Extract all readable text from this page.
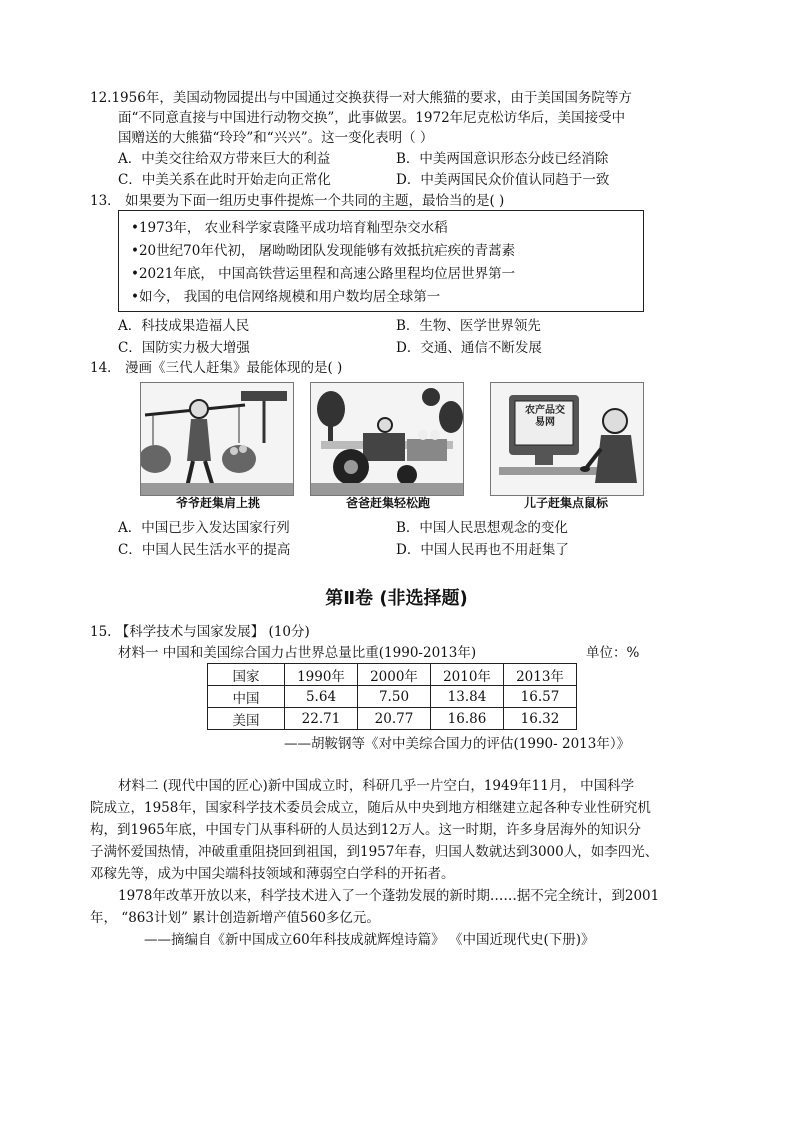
12.1956年，美国动物园提出与中国通过交换获得一对大熊猫的要求，由于美国国务院等方
面“不同意直接与中国进行动物交换”，此事做罢。1972年尼克松访华后，美国接受中
国赠送的大熊猫“玲玲”和“兴兴”。这一变化表明（ ）
A．中美交往给双方带来巨大的利益	B．中美两国意识形态分歧已经消除
C．中美关系在此时开始走向正常化	D．中美两国民众价值认同趋于一致
13． 如果要为下面一组历史事件提炼一个共同的主题，最恰当的是( )
•1973年， 农业科学家袁隆平成功培育籼型杂交水稻
•20世纪70年代初， 屠呦呦团队发现能够有效抵抗疟疾的青蒿素
•2021年底， 中国高铁营运里程和高速公路里程均位居世界第一
•如今， 我国的电信网络规模和用户数均居全球第一
A．科技成果造福人民	B．生物、医学世界领先
C．国防实力极大增强	D．交通、通信不断发展
14． 漫画《三代人赶集》最能体现的是( )
农产品交易网
爷爷赶集肩上挑	爸爸赶集轻松跑	儿子赶集点鼠标
A．中国已步入发达国家行列	B．中国人民思想观念的变化
C．中国人民生活水平的提高	D．中国人民再也不用赶集了
第Ⅱ卷 (非选择题)
15. 【科学技术与国家发展】 (10分)
材料一 中国和美国综合国力占世界总量比重(1990-2013年)	单位：%
国家	1990年	2000年	2010年	2013年
中国	5.64	7.50	13.84	16.57
美国	22.71	20.77	16.86	16.32
——胡鞍钢等《对中美综合国力的评估(1990- 2013年）》
材料二 (现代中国的匠心)新中国成立时，科研几乎一片空白，1949年11月， 中国科学
院成立，1958年，国家科学技术委员会成立，随后从中央到地方相继建立起各种专业性研究机
构，到1965年底，中国专门从事科研的人员达到12万人。这一时期，许多身居海外的知识分
子满怀爱国热情，冲破重重阻挠回到祖国，到1957年春，归国人数就达到3000人，如李四光、
邓稼先等，成为中国尖端科技领域和薄弱空白学科的开拓者。
1978年改革开放以来，科学技术进入了一个蓬勃发展的新时期……据不完全统计，到2001
年， “863计划” 累计创造新增产值560多亿元。
——摘编自《新中国成立60年科技成就辉煌诗篇》 《中国近现代史(下册)》
